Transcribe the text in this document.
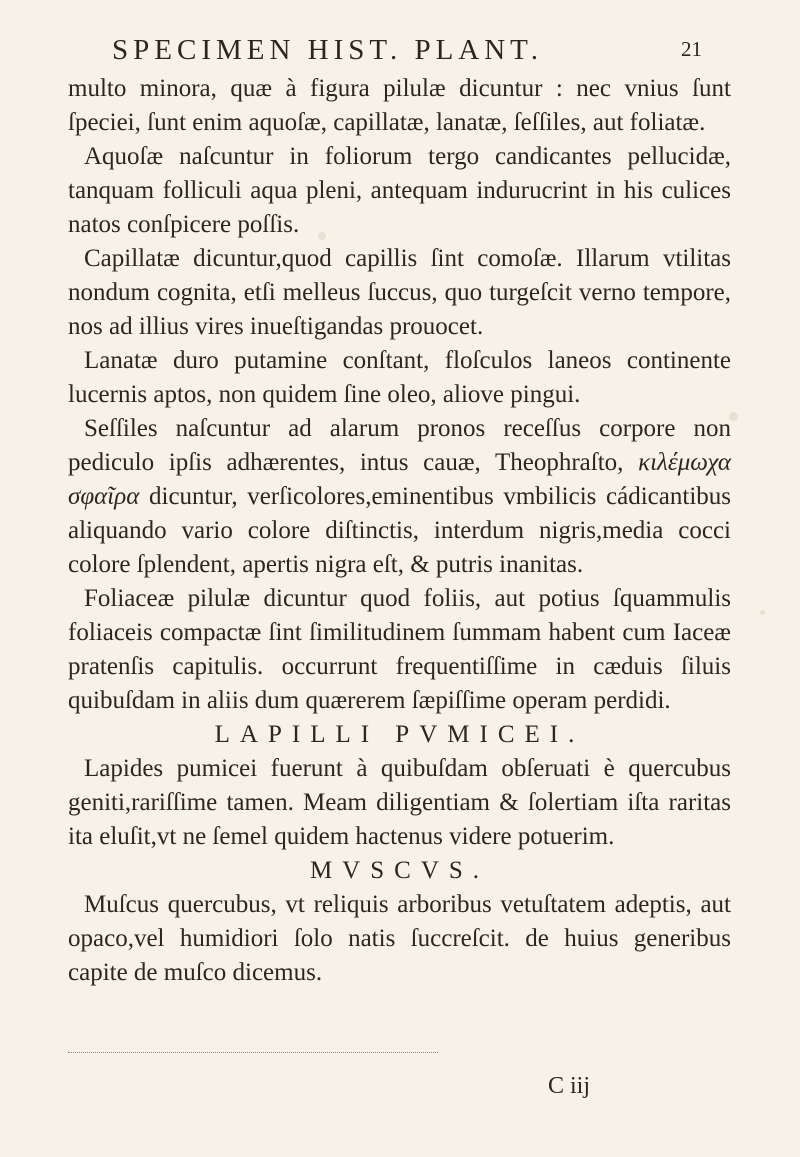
SPECIMEN HIST. PLANT.	21

multo minora, quæ à figura pilulæ dicuntur : nec vnius ſunt ſpeciei, ſunt enim aquoſæ, capillatæ, lanatæ, ſeſſiles, aut foliatæ.

Aquoſæ naſcuntur in foliorum tergo candicantes pellucidæ, tanquam folliculi aqua pleni, antequam indurucrint in his culices natos conſpicere poſſis.

Capillatæ dicuntur,quod capillis ſint comoſæ. Illarum vtilitas nondum cognita, etſi melleus ſuccus, quo turgeſcit verno tempore, nos ad illius vires inueſtigandas prouocet.

Lanatæ duro putamine conſtant, floſculos laneos continente lucernis aptos, non quidem ſine oleo, aliove pingui.

Seſſiles naſcuntur ad alarum pronos receſſus corpore non pediculo ipſis adhærentes, intus cauæ, Theophraſto, κιλέμωχα σφαῖρα dicuntur, verſicolores,eminentibus vmbilicis cádicantibus aliquando vario colore diſtinctis, interdum nigris,media cocci colore ſplendent, apertis nigra eſt, & putris inanitas.

Foliaceæ pilulæ dicuntur quod foliis, aut potius ſquammulis foliaceis compactæ ſint ſimilitudinem ſummam habent cum Iaceæ pratenſis capitulis. occurrunt frequentiſſime in cæduis ſiluis quibuſdam in aliis dum quærerem ſæpiſſime operam perdidi.

LAPILLI PVMICEI.

Lapides pumicei fuerunt à quibuſdam obſeruati è quercubus geniti,rariſſime tamen. Meam diligentiam & ſolertiam iſta raritas ita eluſit,vt ne ſemel quidem hactenus videre potuerim.

MVSCVS.

Muſcus quercubus, vt reliquis arboribus vetuſtatem adeptis, aut opaco,vel humidiori ſolo natis ſuccreſcit. de huius generibus capite de muſco dicemus.

C iij
